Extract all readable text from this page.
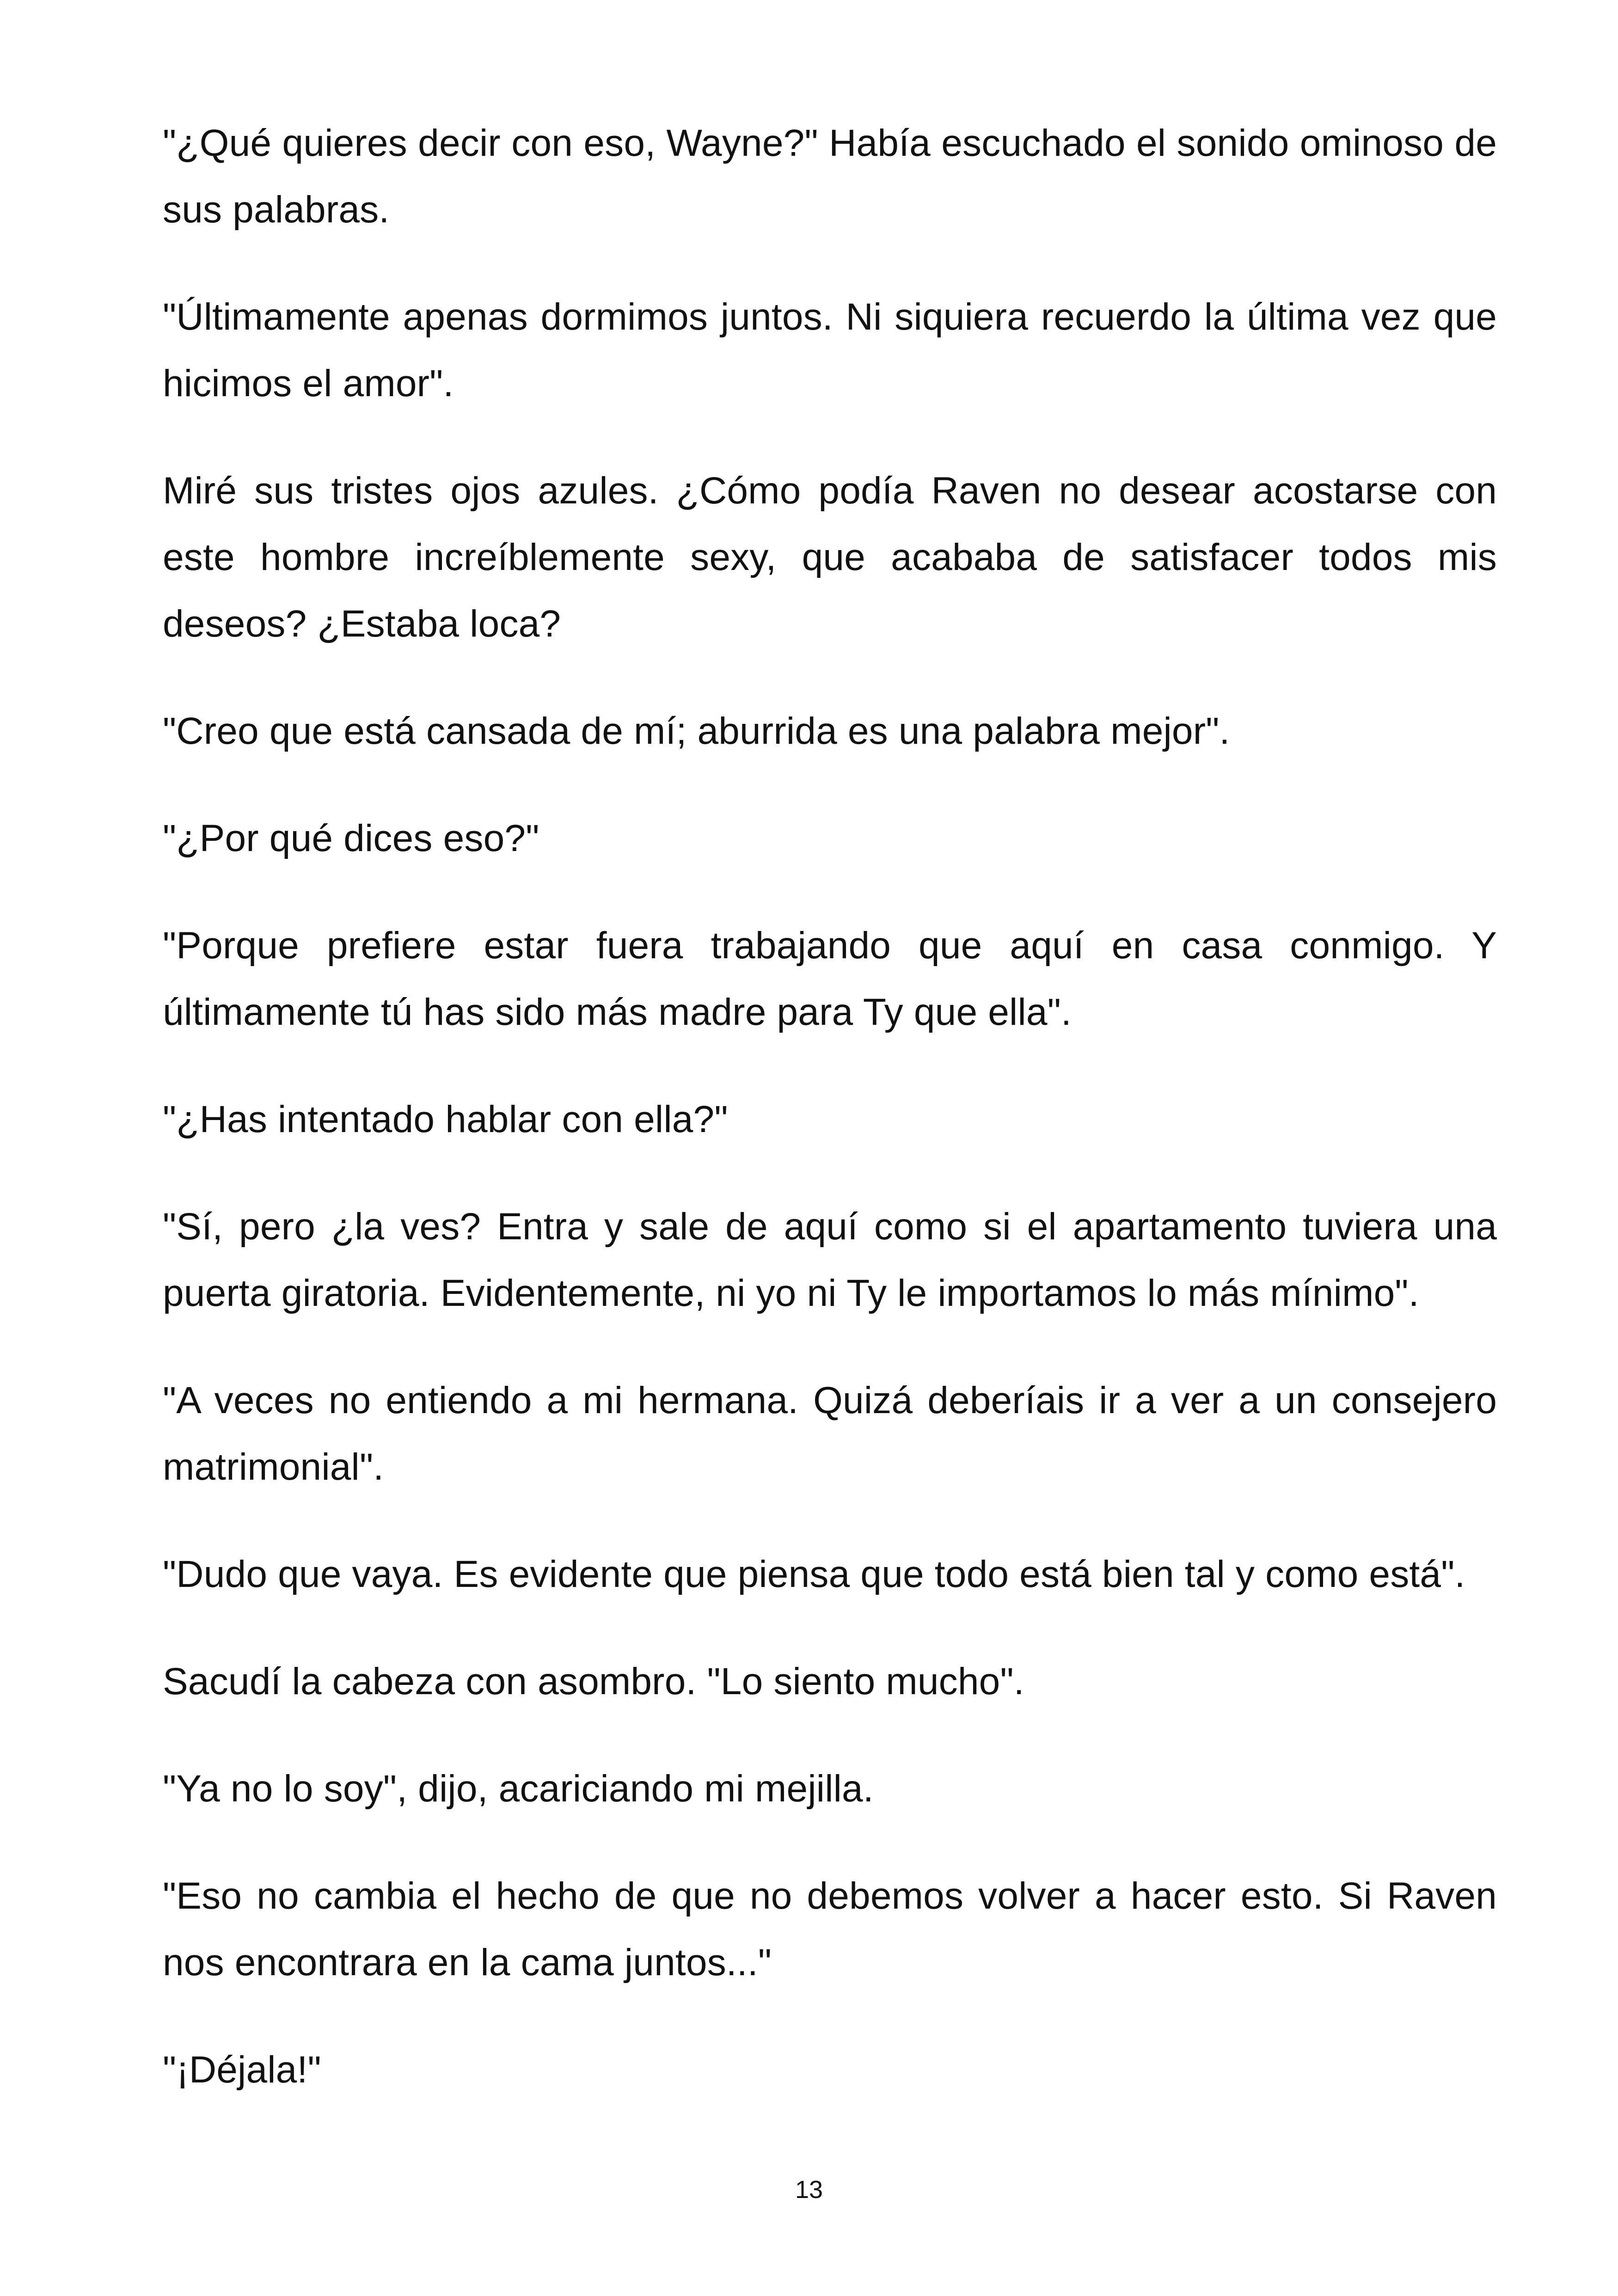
"¿Qué quieres decir con eso, Wayne?" Había escuchado el sonido ominoso de sus palabras.

"Últimamente apenas dormimos juntos. Ni siquiera recuerdo la última vez que hicimos el amor".

Miré sus tristes ojos azules. ¿Cómo podía Raven no desear acostarse con este hombre increíblemente sexy, que acababa de satisfacer todos mis deseos? ¿Estaba loca?

"Creo que está cansada de mí; aburrida es una palabra mejor".

"¿Por qué dices eso?"

"Porque prefiere estar fuera trabajando que aquí en casa conmigo. Y últimamente tú has sido más madre para Ty que ella".

"¿Has intentado hablar con ella?"

"Sí, pero ¿la ves? Entra y sale de aquí como si el apartamento tuviera una puerta giratoria. Evidentemente, ni yo ni Ty le importamos lo más mínimo".

"A veces no entiendo a mi hermana. Quizá deberíais ir a ver a un consejero matrimonial".

"Dudo que vaya. Es evidente que piensa que todo está bien tal y como está".

Sacudí la cabeza con asombro. "Lo siento mucho".

"Ya no lo soy", dijo, acariciando mi mejilla.

"Eso no cambia el hecho de que no debemos volver a hacer esto. Si Raven nos encontrara en la cama juntos..."

"¡Déjala!"

13
